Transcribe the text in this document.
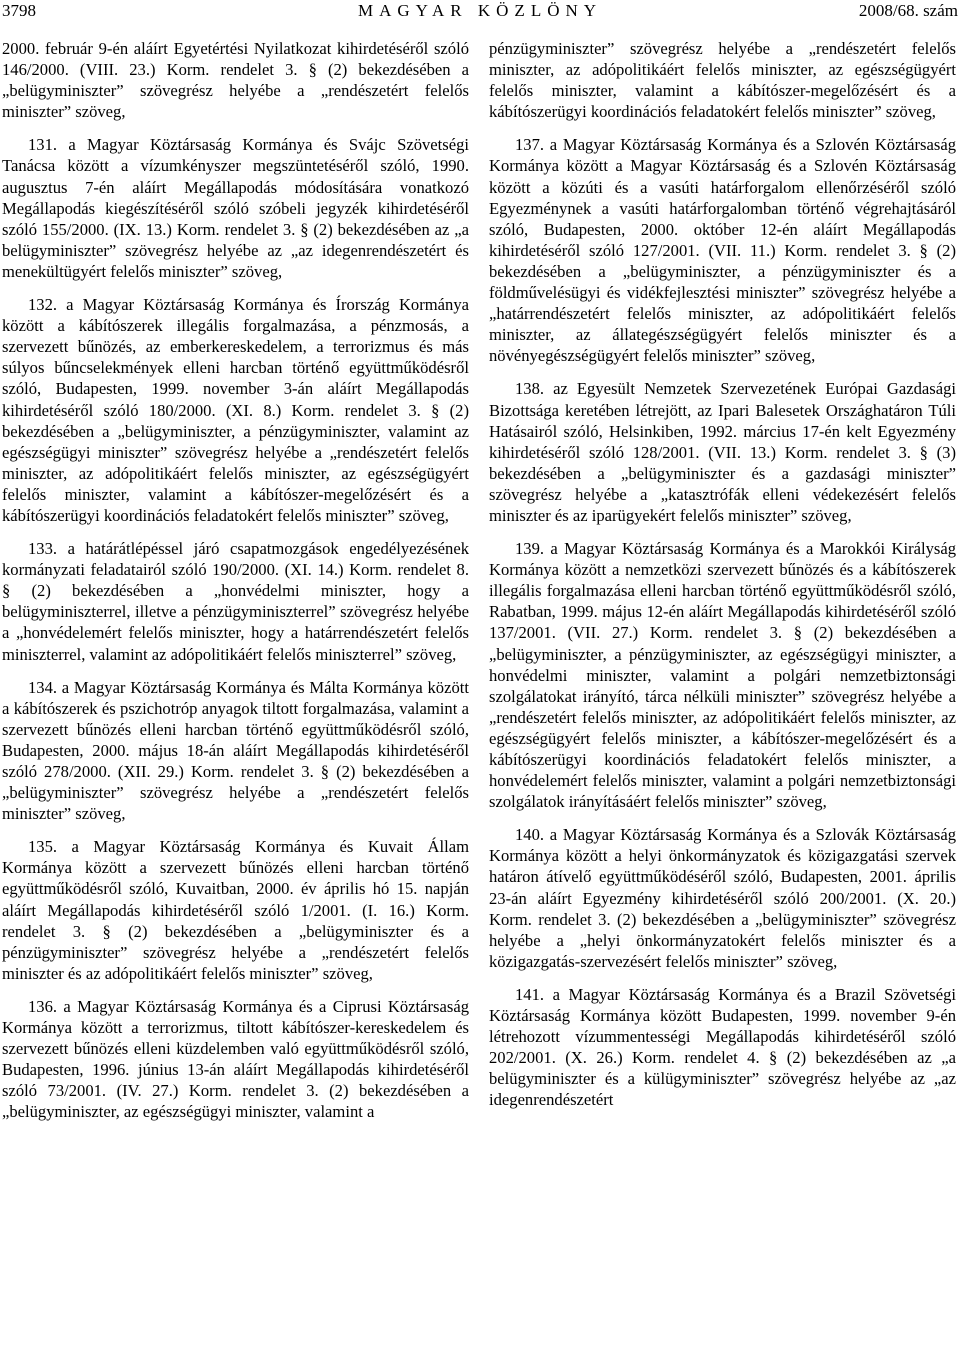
3798	MAGYAR KÖZLÖNY	2008/68. szám

2000. február 9-én aláírt Egyetértési Nyilatkozat kihirdetéséről szóló 146/2000. (VIII. 23.) Korm. rendelet 3. § (2) bekezdésében a „belügyminiszter” szövegrész helyébe a „rendészetért felelős miniszter” szöveg,

131. a Magyar Köztársaság Kormánya és Svájc Szövetségi Tanácsa között a vízumkényszer megszüntetéséről szóló, 1990. augusztus 7-én aláírt Megállapodás módosítására vonatkozó Megállapodás kiegészítéséről szóló szóbeli jegyzék kihirdetéséről szóló 155/2000. (IX. 13.) Korm. rendelet 3. § (2) bekezdésében az „a belügyminiszter” szövegrész helyébe az „az idegenrendészetért és menekültügyért felelős miniszter” szöveg,

132. a Magyar Köztársaság Kormánya és Írország Kormánya között a kábítószerek illegális forgalmazása, a pénzmosás, a szervezett bűnözés, az emberkereskedelem, a terrorizmus és más súlyos bűncselekmények elleni harcban történő együttműködésről szóló, Budapesten, 1999. november 3-án aláírt Megállapodás kihirdetéséről szóló 180/2000. (XI. 8.) Korm. rendelet 3. § (2) bekezdésében a „belügyminiszter, a pénzügyminiszter, valamint az egészségügyi miniszter” szövegrész helyébe a „rendészetért felelős miniszter, az adópolitikáért felelős miniszter, az egészségügyért felelős miniszter, valamint a kábítószer-megelőzésért és a kábítószerügyi koordinációs feladatokért felelős miniszter” szöveg,

133. a határátlépéssel járó csapatmozgások engedélyezésének kormányzati feladatairól szóló 190/2000. (XI. 14.) Korm. rendelet 8. § (2) bekezdésében a „honvédelmi miniszter, hogy a belügyminiszterrel, illetve a pénzügyminiszterrel” szövegrész helyébe a „honvédelemért felelős miniszter, hogy a határrendészetért felelős miniszterrel, valamint az adópolitikáért felelős miniszterrel” szöveg,

134. a Magyar Köztársaság Kormánya és Málta Kormánya között a kábítószerek és pszichotróp anyagok tiltott forgalmazása, valamint a szervezett bűnözés elleni harcban történő együttműködésről szóló, Budapesten, 2000. május 18-án aláírt Megállapodás kihirdetéséről szóló 278/2000. (XII. 29.) Korm. rendelet 3. § (2) bekezdésében a „belügyminiszter” szövegrész helyébe a „rendészetért felelős miniszter” szöveg,

135. a Magyar Köztársaság Kormánya és Kuvait Állam Kormánya között a szervezett bűnözés elleni harcban történő együttműködésről szóló, Kuvaitban, 2000. év április hó 15. napján aláírt Megállapodás kihirdetéséről szóló 1/2001. (I. 16.) Korm. rendelet 3. § (2) bekezdésében a „belügyminiszter és a pénzügyminiszter” szövegrész helyébe a „rendészetért felelős miniszter és az adópolitikáért felelős miniszter” szöveg,

136. a Magyar Köztársaság Kormánya és a Ciprusi Köztársaság Kormánya között a terrorizmus, tiltott kábítószer-kereskedelem és szervezett bűnözés elleni küzdelemben való együttműködésről szóló, Budapesten, 1996. június 13-án aláírt Megállapodás kihirdetéséről szóló 73/2001. (IV. 27.) Korm. rendelet 3. (2) bekezdésében a „belügyminiszter, az egészségügyi miniszter, valamint a

pénzügyminiszter” szövegrész helyébe a „rendészetért felelős miniszter, az adópolitikáért felelős miniszter, az egészségügyért felelős miniszter, valamint a kábítószer-megelőzésért és a kábítószerügyi koordinációs feladatokért felelős miniszter” szöveg,

137. a Magyar Köztársaság Kormánya és a Szlovén Köztársaság Kormánya között a Magyar Köztársaság és a Szlovén Köztársaság között a közúti és a vasúti határforgalom ellenőrzéséről szóló Egyezménynek a vasúti határforgalomban történő végrehajtásáról szóló, Budapesten, 2000. október 12-én aláírt Megállapodás kihirdetéséről szóló 127/2001. (VII. 11.) Korm. rendelet 3. § (2) bekezdésében a „belügyminiszter, a pénzügyminiszter és a földművelésügyi és vidékfejlesztési miniszter” szövegrész helyébe a „határrendészetért felelős miniszter, az adópolitikáért felelős miniszter, az állategészségügyért felelős miniszter és a növényegészségügyért felelős miniszter” szöveg,

138. az Egyesült Nemzetek Szervezetének Európai Gazdasági Bizottsága keretében létrejött, az Ipari Balesetek Országhatáron Túli Hatásairól szóló, Helsinkiben, 1992. március 17-én kelt Egyezmény kihirdetéséről szóló 128/2001. (VII. 13.) Korm. rendelet 3. § (3) bekezdésében a „belügyminiszter és a gazdasági miniszter” szövegrész helyébe a „katasztrófák elleni védekezésért felelős miniszter és az iparügyekért felelős miniszter” szöveg,

139. a Magyar Köztársaság Kormánya és a Marokkói Királyság Kormánya között a nemzetközi szervezett bűnözés és a kábítószerek illegális forgalmazása elleni harcban történő együttműködésről szóló, Rabatban, 1999. május 12-én aláírt Megállapodás kihirdetéséről szóló 137/2001. (VII. 27.) Korm. rendelet 3. § (2) bekezdésében a „belügyminiszter, a pénzügyminiszter, az egészségügyi miniszter, a honvédelmi miniszter, valamint a polgári nemzetbiztonsági szolgálatokat irányító, tárca nélküli miniszter” szövegrész helyébe a „rendészetért felelős miniszter, az adópolitikáért felelős miniszter, az egészségügyért felelős miniszter, a kábítószer-megelőzésért és a kábítószerügyi koordinációs feladatokért felelős miniszter, a honvédelemért felelős miniszter, valamint a polgári nemzetbiztonsági szolgálatok irányításáért felelős miniszter” szöveg,

140. a Magyar Köztársaság Kormánya és a Szlovák Köztársaság Kormánya között a helyi önkormányzatok és közigazgatási szervek határon átívelő együttműködéséről szóló, Budapesten, 2001. április 23-án aláírt Egyezmény kihirdetéséről szóló 200/2001. (X. 20.) Korm. rendelet 3. (2) bekezdésében a „belügyminiszter” szövegrész helyébe a „helyi önkormányzatokért felelős miniszter és a közigazgatás-szervezésért felelős miniszter” szöveg,

141. a Magyar Köztársaság Kormánya és a Brazil Szövetségi Köztársaság Kormánya között Budapesten, 1999. november 9-én létrehozott vízummentességi Megállapodás kihirdetéséről szóló 202/2001. (X. 26.) Korm. rendelet 4. § (2) bekezdésében az „a belügyminiszter és a külügyminiszter” szövegrész helyébe az „az idegenrendészetért
